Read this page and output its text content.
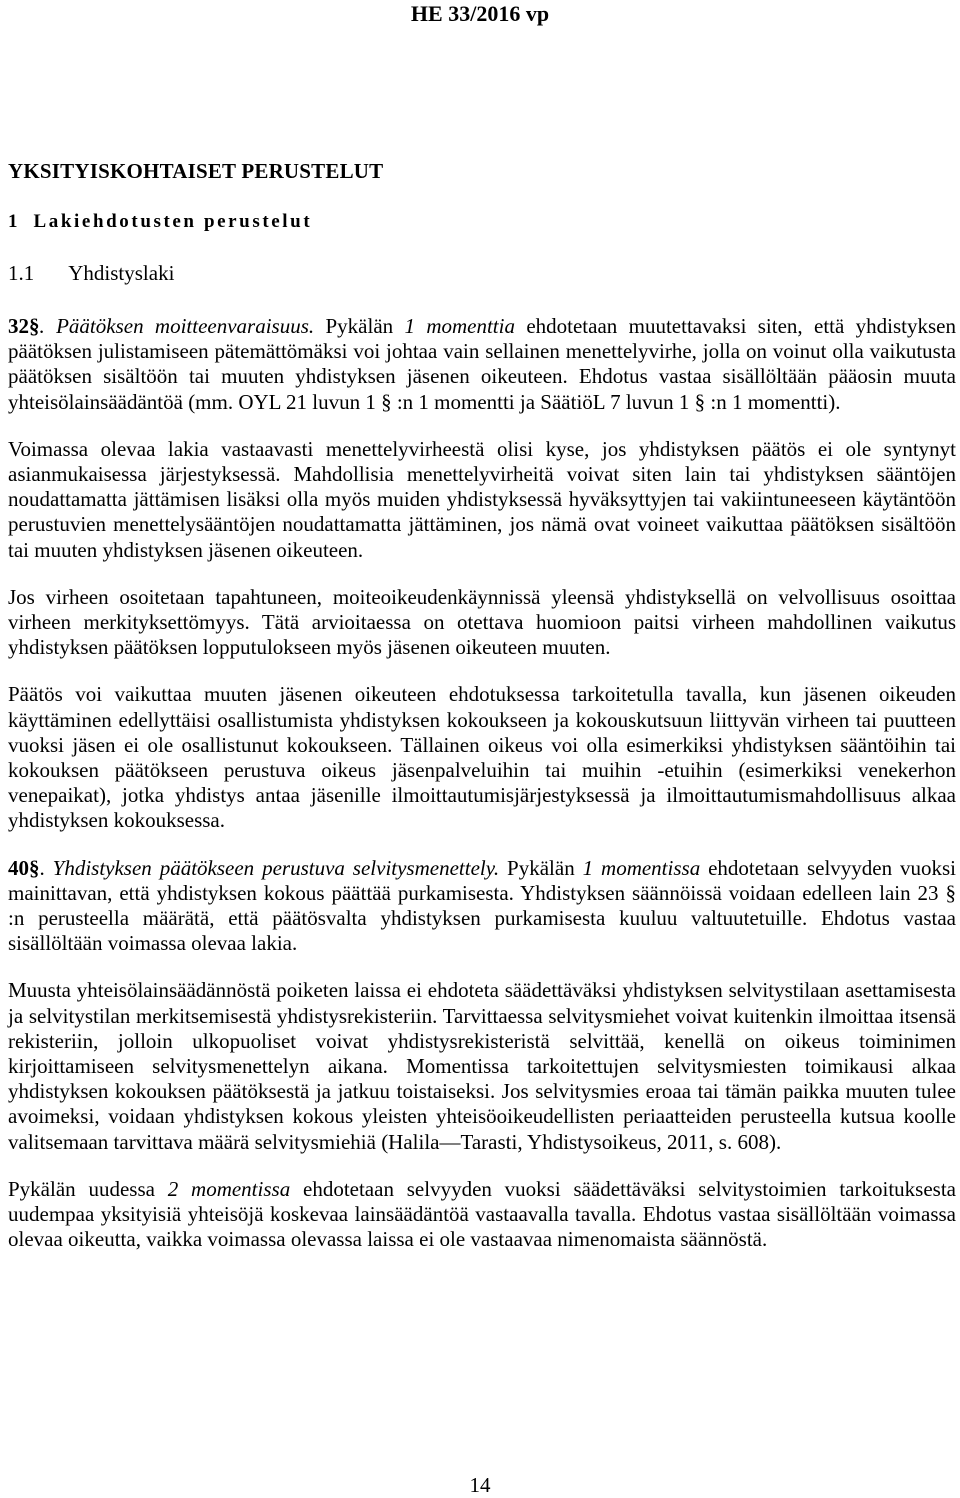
HE 33/2016 vp
YKSITYISKOHTAISET PERUSTELUT
1 Lakiehdotusten perustelut
1.1 Yhdistyslaki

32§. Päätöksen moitteenvaraisuus. Pykälän 1 momenttia ehdotetaan muutettavaksi siten, että yhdistyksen päätöksen julistamiseen pätemättömäksi voi johtaa vain sellainen menettelyvirhe, jolla on voinut olla vaikutusta päätöksen sisältöön tai muuten yhdistyksen jäsenen oikeuteen. Ehdotus vastaa sisällöltään pääosin muuta yhteisölainsäädäntöä (mm. OYL 21 luvun 1 § :n 1 momentti ja SäätiöL 7 luvun 1 § :n 1 momentti).

Voimassa olevaa lakia vastaavasti menettelyvirheestä olisi kyse, jos yhdistyksen päätös ei ole syntynyt asianmukaisessa järjestyksessä. Mahdollisia menettelyvirheitä voivat siten lain tai yhdistyksen sääntöjen noudattamatta jättämisen lisäksi olla myös muiden yhdistyksessä hyväksyttyjen tai vakiintuneeseen käytäntöön perustuvien menettelysääntöjen noudattamatta jättäminen, jos nämä ovat voineet vaikuttaa päätöksen sisältöön tai muuten yhdistyksen jäsenen oikeuteen.

Jos virheen osoitetaan tapahtuneen, moiteoikeudenkäynnissä yleensä yhdistyksellä on velvollisuus osoittaa virheen merkityksettömyys. Tätä arvioitaessa on otettava huomioon paitsi virheen mahdollinen vaikutus yhdistyksen päätöksen lopputulokseen myös jäsenen oikeuteen muuten.

Päätös voi vaikuttaa muuten jäsenen oikeuteen ehdotuksessa tarkoitetulla tavalla, kun jäsenen oikeuden käyttäminen edellyttäisi osallistumista yhdistyksen kokoukseen ja kokouskutsuun liittyvän virheen tai puutteen vuoksi jäsen ei ole osallistunut kokoukseen. Tällainen oikeus voi olla esimerkiksi yhdistyksen sääntöihin tai kokouksen päätökseen perustuva oikeus jäsenpalveluihin tai muihin -etuihin (esimerkiksi venekerhon venepaikat), jotka yhdistys antaa jäsenille ilmoittautumisjärjestyksessä ja ilmoittautumismahdollisuus alkaa yhdistyksen kokouksessa.

40§. Yhdistyksen päätökseen perustuva selvitysmenettely. Pykälän 1 momentissa ehdotetaan selvyyden vuoksi mainittavan, että yhdistyksen kokous päättää purkamisesta. Yhdistyksen säännöissä voidaan edelleen lain 23 § :n perusteella määrätä, että päätösvalta yhdistyksen purkamisesta kuuluu valtuutetuille. Ehdotus vastaa sisällöltään voimassa olevaa lakia.

Muusta yhteisölainsäädännöstä poiketen laissa ei ehdoteta säädettäväksi yhdistyksen selvitystilaan asettamisesta ja selvitystilan merkitsemisestä yhdistysrekisteriin. Tarvittaessa selvitysmiehet voivat kuitenkin ilmoittaa itsensä rekisteriin, jolloin ulkopuoliset voivat yhdistysrekisteristä selvittää, kenellä on oikeus toiminimen kirjoittamiseen selvitysmenettelyn aikana. Momentissa tarkoitettujen selvitysmiesten toimikausi alkaa yhdistyksen kokouksen päätöksestä ja jatkuu toistaiseksi. Jos selvitysmies eroaa tai tämän paikka muuten tulee avoimeksi, voidaan yhdistyksen kokous yleisten yhteisöoikeudellisten periaatteiden perusteella kutsua koolle valitsemaan tarvittava määrä selvitysmiehiä (Halila—Tarasti, Yhdistysoikeus, 2011, s. 608).

Pykälän uudessa 2 momentissa ehdotetaan selvyyden vuoksi säädettäväksi selvitystoimien tarkoituksesta uudempaa yksityisiä yhteisöjä koskevaa lainsäädäntöä vastaavalla tavalla. Ehdotus vastaa sisällöltään voimassa olevaa oikeutta, vaikka voimassa olevassa laissa ei ole vastaavaa nimenomaista säännöstä.

14
